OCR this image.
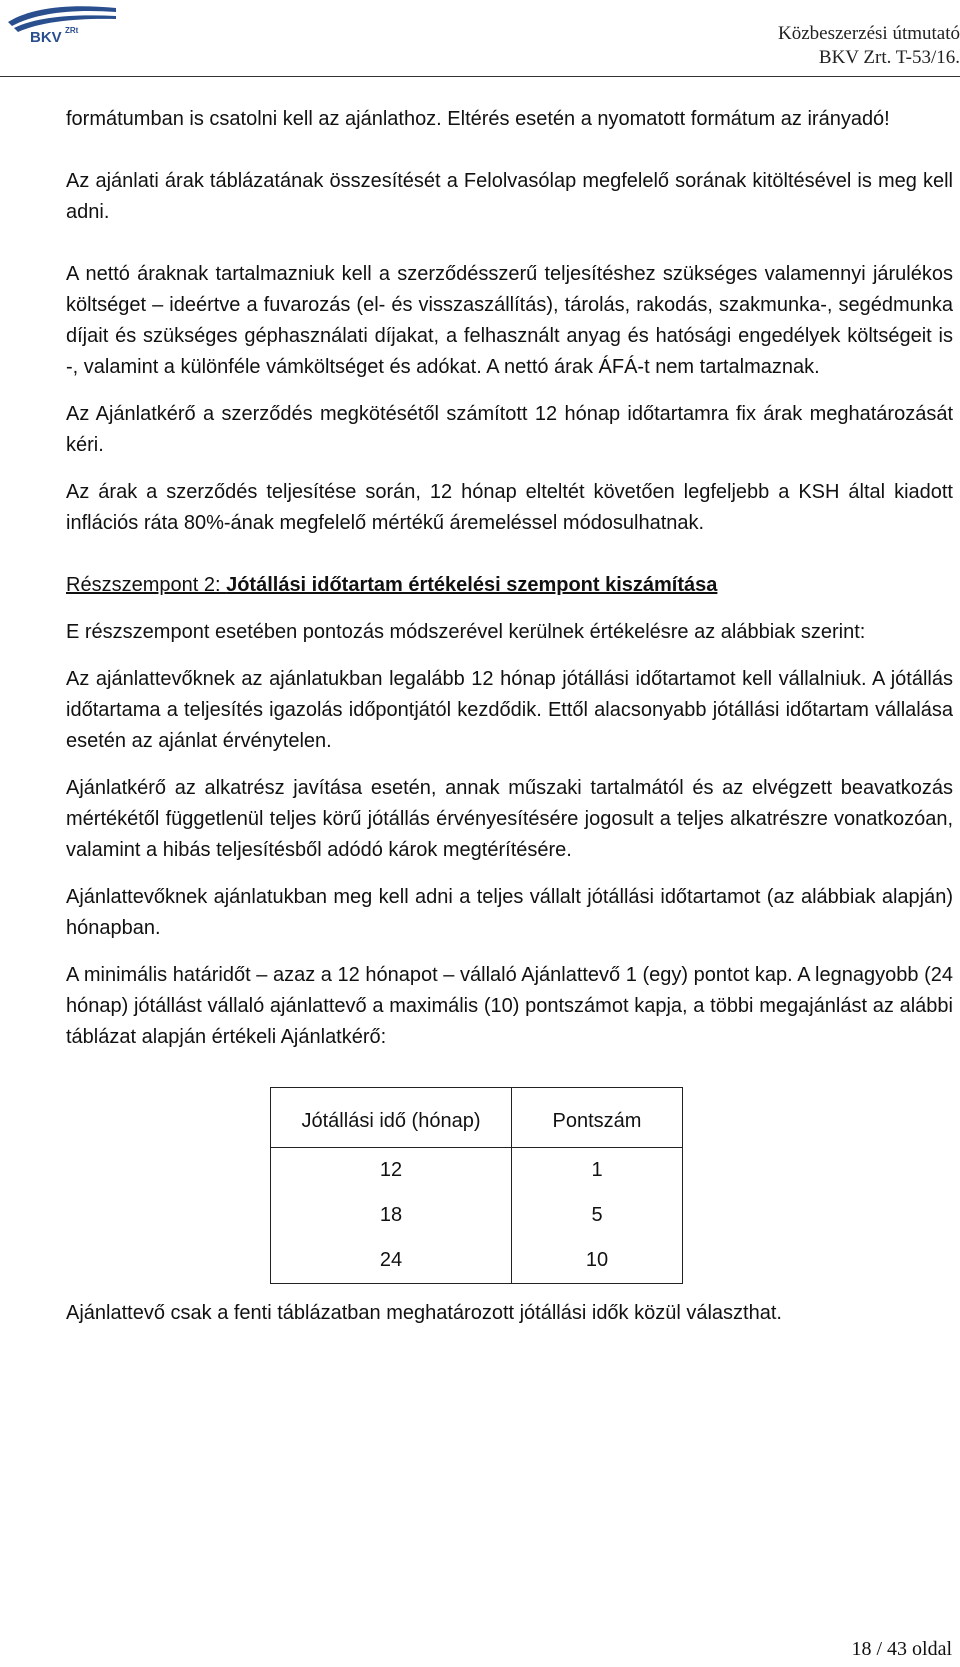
BKV ZRt	Közbeszerzési útmutató
BKV Zrt. T-53/16.

formátumban is csatolni kell az ajánlathoz. Eltérés esetén a nyomatott formátum az irányadó!

Az ajánlati árak táblázatának összesítését a Felolvasólap megfelelő sorának kitöltésével is meg kell adni.

A nettó áraknak tartalmazniuk kell a szerződésszerű teljesítéshez szükséges valamennyi járulékos költséget – ideértve a fuvarozás (el- és visszaszállítás), tárolás, rakodás, szakmunka-, segédmunka díjait és szükséges géphasználati díjakat, a felhasznált anyag és hatósági engedélyek költségeit is -, valamint a különféle vámköltséget és adókat. A nettó árak ÁFÁ-t nem tartalmaznak.

Az Ajánlatkérő a szerződés megkötésétől számított 12 hónap időtartamra fix árak meghatározását kéri.

Az árak a szerződés teljesítése során, 12 hónap elteltét követően legfeljebb a KSH által kiadott inflációs ráta 80%-ának megfelelő mértékű áremeléssel módosulhatnak.

Részszempont 2: Jótállási időtartam értékelési szempont kiszámítása

E részszempont esetében pontozás módszerével kerülnek értékelésre az alábbiak szerint:

Az ajánlattevőknek az ajánlatukban legalább 12 hónap jótállási időtartamot kell vállalniuk. A jótállás időtartama a teljesítés igazolás időpontjától kezdődik. Ettől alacsonyabb jótállási időtartam vállalása esetén az ajánlat érvénytelen.

Ajánlatkérő az alkatrész javítása esetén, annak műszaki tartalmától és az elvégzett beavatkozás mértékétől függetlenül teljes körű jótállás érvényesítésére jogosult a teljes alkatrészre vonatkozóan, valamint a hibás teljesítésből adódó károk megtérítésére.

Ajánlattevőknek ajánlatukban meg kell adni a teljes vállalt jótállási időtartamot (az alábbiak alapján) hónapban.

A minimális határidőt – azaz a 12 hónapot – vállaló Ajánlattevő 1 (egy) pontot kap. A legnagyobb (24 hónap) jótállást vállaló ajánlattevő a maximális (10) pontszámot kapja, a többi megajánlást az alábbi táblázat alapján értékeli Ajánlatkérő:

Jótállási idő (hónap)	Pontszám
12	1
18	5
24	10

Ajánlattevő csak a fenti táblázatban meghatározott jótállási idők közül választhat.

18 / 43 oldal
